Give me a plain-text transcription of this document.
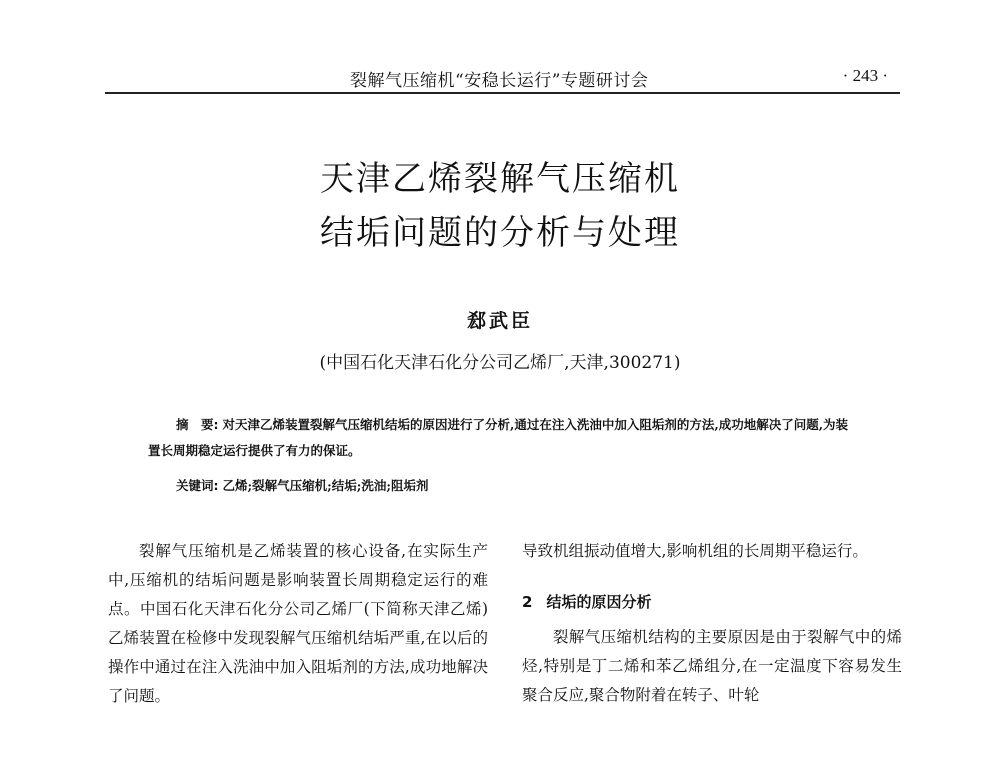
裂解气压缩机“安稳长运行”专题研讨会	· 243 ·
天津乙烯裂解气压缩机
结垢问题的分析与处理
郄武臣
(中国石化天津石化分公司乙烯厂,天津,300271)
摘　要: 对天津乙烯装置裂解气压缩机结垢的原因进行了分析,通过在注入洗油中加入阻垢剂的方法,成功地解决了问题,为装置长周期稳定运行提供了有力的保证。
关键词: 乙烯;裂解气压缩机;结垢;洗油;阻垢剂

裂解气压缩机是乙烯装置的核心设备,在实际生产中,压缩机的结垢问题是影响装置长周期稳定运行的难点。中国石化天津石化分公司乙烯厂(下简称天津乙烯)乙烯装置在检修中发现裂解气压缩机结垢严重,在以后的操作中通过在注入洗油中加入阻垢剂的方法,成功地解决了问题。

导致机组振动值增大,影响机组的长周期平稳运行。

2 结垢的原因分析

裂解气压缩机结构的主要原因是由于裂解气中的烯烃,特别是丁二烯和苯乙烯组分,在一定温度下容易发生聚合反应,聚合物附着在转子、叶轮
